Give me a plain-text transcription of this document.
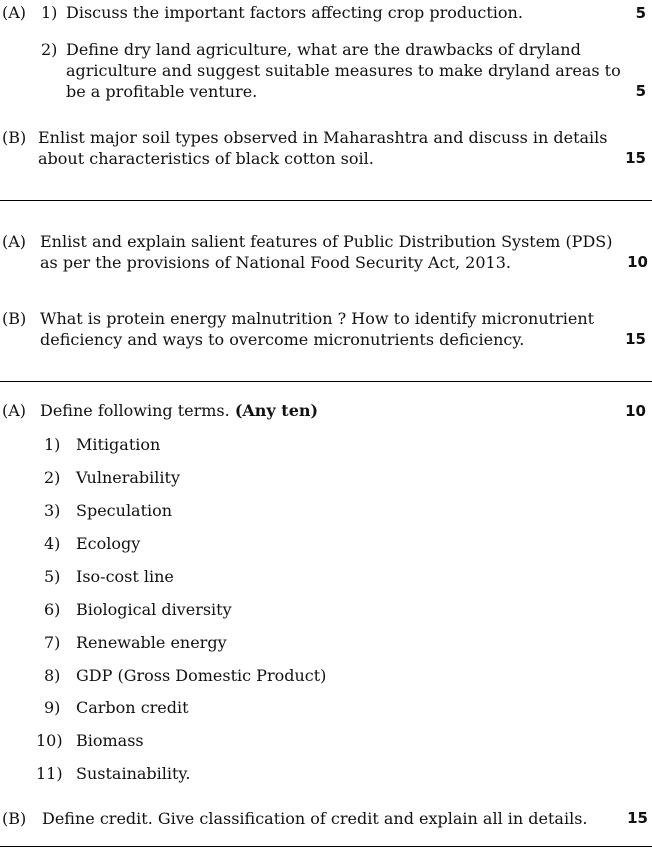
(A) 1) Discuss the important factors affecting crop production.	5
2) Define dry land agriculture, what are the drawbacks of dryland
agriculture and suggest suitable measures to make dryland areas to
be a profitable venture.	5
(B) Enlist major soil types observed in Maharashtra and discuss in details
about characteristics of black cotton soil.	15
(A) Enlist and explain salient features of Public Distribution System (PDS)
as per the provisions of National Food Security Act, 2013.	10
(B) What is protein energy malnutrition ? How to identify micronutrient
deficiency and ways to overcome micronutrients deficiency.	15
(A) Define following terms. (Any ten)	10
1) Mitigation
2) Vulnerability
3) Speculation
4) Ecology
5) Iso-cost line
6) Biological diversity
7) Renewable energy
8) GDP (Gross Domestic Product)
9) Carbon credit
10) Biomass
11) Sustainability.
(B) Define credit. Give classification of credit and explain all in details.	15
